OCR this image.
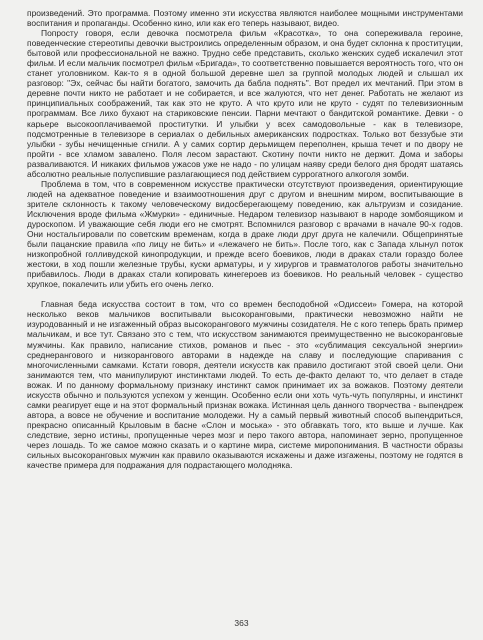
произведений. Это программа. Поэтому именно эти искусства являются наиболее мощными инструментами воспитания и пропаганды. Особенно кино, или как его теперь называют, видео.

Попросту говоря, если девочка посмотрела фильм «Красотка», то она сопереживала героине, поведенческие стереотипы девочки выстроились определенным образом, и она будет склонна к проституции, бытовой или профессиональной не важно. Трудно себе представить, сколько женских судеб искалечил этот фильм. И если мальчик посмотрел фильм «Бригада», то соответственно повышается вероятность того, что он станет уголовником. Как-то я в одной большой деревне шел за группой молодых людей и слышал их разговор: "Эх, сейчас бы найти богатого, замочить да бабла поднять". Вот предел их мечтаний. При этом в деревне почти никто не работает и не собирается, и все жалуются, что нет денег. Работать не желают из принципиальных соображений, так как это не круто. А что круто или не круто - судят по телевизионным программам. Все лихо бухают на стариковские пенсии. Парни мечтают о бандитской романтике. Девки - о карьере высокооплачиваемой проститутки. И улыбки у всех самодовольные - как в телевизоре, подсмотренные в телевизоре в сериалах о дебильных американских подростках. Только вот беззубые эти улыбки - зубы нечищенные сгнили. А у самих сортир дерьмищем переполнен, крыша течет и по двору не пройти - все хламом завалено. Поля лесом зарастают. Скотину почти никто не держит. Дома и заборы разваливаются. И никаких фильмов ужасов уже не надо - по улицам наяву среди белого дня бродят шатаясь абсолютно реальные полуспившие разлагающиеся под действием суррогатного алкоголя зомби.

Проблема в том, что в современном искусстве практически отсутствуют произведения, ориентирующие людей на адекватное поведение и взаимоотношения друг с другом и внешним миром, воспитывающие в зрителе склонность к такому человеческому видосберегающему поведению, как альтруизм и созидание. Исключения вроде фильма «Жмурки» - единичные. Недаром телевизор называют в народе зомбоящиком и дуроскопом. И уважающие себя люди его не смотрят. Вспомнился разговор с врачами в начале 90-х годов. Они ностальгировали по советским временам, когда в драке люди друг друга не калечили. Общепринятые были пацанские правила «по лицу не бить» и «лежачего не бить». После того, как с Запада хлынул поток низкопробной голливудской кинопродукции, и прежде всего боевиков, люди в драках стали гораздо более жестоки, в ход пошли железные трубы, куски арматуры, и у хирургов и травматологов работы значительно прибавилось. Люди в драках стали копировать кинегероев из боевиков. Но реальный человек - существо хрупкое, покалечить или убить его очень легко.

Главная беда искусства состоит в том, что со времен бесподобной «Одиссеи» Гомера, на которой несколько веков мальчиков воспитывали высокоранговыми, практически невозможно найти не изуродованный и не изгаженный образ высокорангового мужчины созидателя. Не с кого теперь брать пример мальчикам, и все тут. Связано это с тем, что искусством занимаются преимущественно не высокоранговые мужчины. Как правило, написание стихов, романов и пьес - это «сублимация сексуальной энергии» среднерангового и низкорангового авторами в надежде на славу и последующие спаривания с многочисленными самками. Кстати говоря, деятели искусств как правило достигают этой своей цели. Они занимаются тем, что манипулируют инстинктами людей. То есть де-факто делают то, что делает в стаде вожак. И по данному формальному признаку инстинкт самок принимает их за вожаков. Поэтому деятели искусств обычно и пользуются успехом у женщин. Особенно если они хоть чуть-чуть популярны, и инстинкт самки реагирует еще и на этот формальный признак вожака. Истинная цель данного творчества - выпендреж автора, а вовсе не обучение и воспитание молодежи. Ну а самый первый животный способ выпендриться, прекрасно описанный Крыловым в басне «Слон и моська» - это обгавкать того, кто выше и лучше. Как следствие, зерно истины, пропущенные через мозг и перо такого автора, напоминает зерно, пропущенное через лошадь. То же самое можно сказать и о картине мира, системе миропонимания. В частности образы сильных высокоранговых мужчин как правило оказываются искажены и даже изгажены, поэтому не годятся в качестве примера для подражания для подрастающего молодняка.

363
